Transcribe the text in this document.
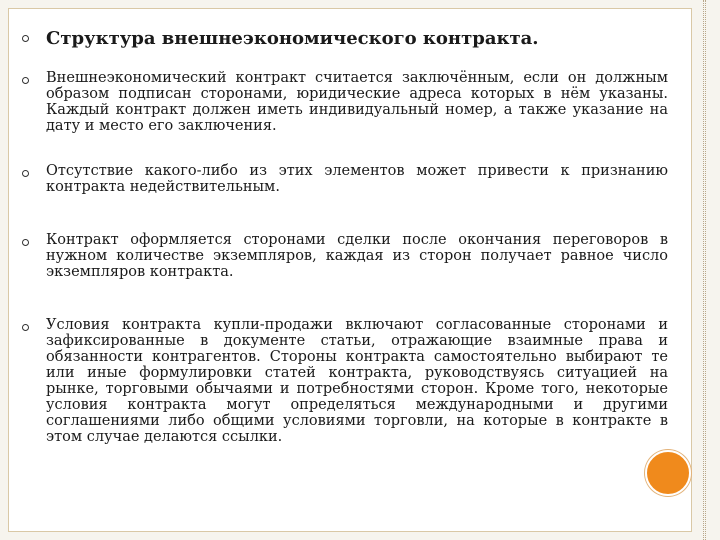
Структура внешнеэкономического контракта.
Внешнеэкономический контракт считается заключённым, если он должным образом подписан сторонами, юридические адреса которых в нём указаны. Каждый контракт должен иметь индивидуальный номер, а также указание на дату и место его заключения.
Отсутствие какого-либо из этих элементов может привести к признанию контракта недействительным.
Контракт оформляется сторонами сделки после окончания переговоров в нужном количестве экземпляров, каждая из сторон получает равное число экземпляров контракта.
Условия контракта купли-продажи включают согласованные сторонами и зафиксированные в документе статьи, отражающие взаимные права и обязанности контрагентов. Стороны контракта самостоятельно выбирают те или иные формулировки статей контракта, руководствуясь ситуацией на рынке, торговыми обычаями и потребностями сторон. Кроме того, некоторые условия контракта могут определяться международными и другими соглашениями либо общими условиями торговли, на которые в контракте в этом случае делаются ссылки.
